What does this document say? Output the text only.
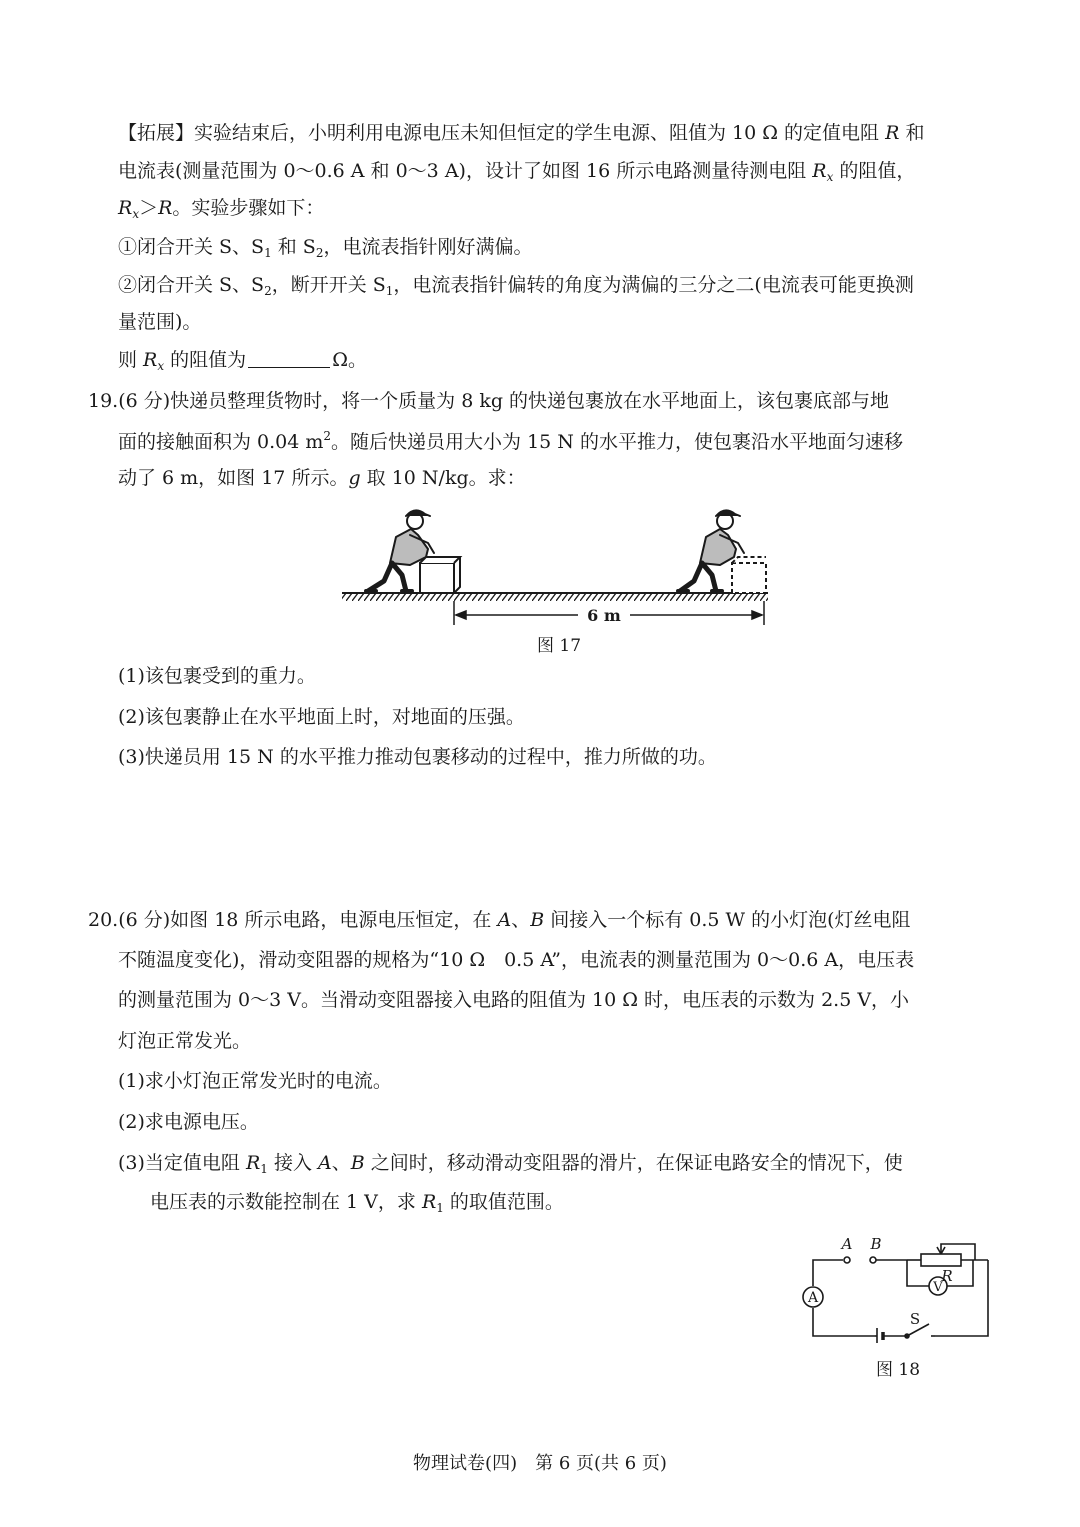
【拓展】实验结束后，小明利用电源电压未知但恒定的学生电源、阻值为 10 Ω 的定值电阻 R 和
电流表(测量范围为 0～0.6 A 和 0～3 A)，设计了如图 16 所示电路测量待测电阻 $R_x$ 的阻值，
$R_x>R$。实验步骤如下：
①闭合开关 S、$S_1$ 和 $S_2$，电流表指针刚好满偏。
②闭合开关 S、$S_2$，断开开关 $S_1$，电流表指针偏转的角度为满偏的三分之二(电流表可能更换测
量范围)。
则 $R_x$ 的阻值为	Ω。
19.(6 分)快递员整理货物时，将一个质量为 8 kg 的快递包裹放在水平地面上，该包裹底部与地
面的接触面积为 0.04 $m^2$。随后快递员用大小为 15 N 的水平推力，使包裹沿水平地面匀速移
动了 6 m，如图 17 所示。g 取 10 N/kg。求：
6 m
图 17
(1)该包裹受到的重力。
(2)该包裹静止在水平地面上时，对地面的压强。
(3)快递员用 15 N 的水平推力推动包裹移动的过程中，推力所做的功。
20.(6 分)如图 18 所示电路，电源电压恒定，在 A、B 间接入一个标有 0.5 W 的小灯泡(灯丝电阻
不随温度变化)，滑动变阻器的规格为“10 Ω　0.5 A”，电流表的测量范围为 0～0.6 A，电压表
的测量范围为 0～3 V。当滑动变阻器接入电路的阻值为 10 Ω 时，电压表的示数为 2.5 V，小
灯泡正常发光。
(1)求小灯泡正常发光时的电流。
(2)求电源电压。
(3)当定值电阻 $R_1$ 接入 A、B 之间时，移动滑动变阻器的滑片，在保证电路安全的情况下，使
电压表的示数能控制在 1 V，求 $R_1$ 的取值范围。
A
V
A B
R
S
图 18
物理试卷(四)　第 6 页(共 6 页)
